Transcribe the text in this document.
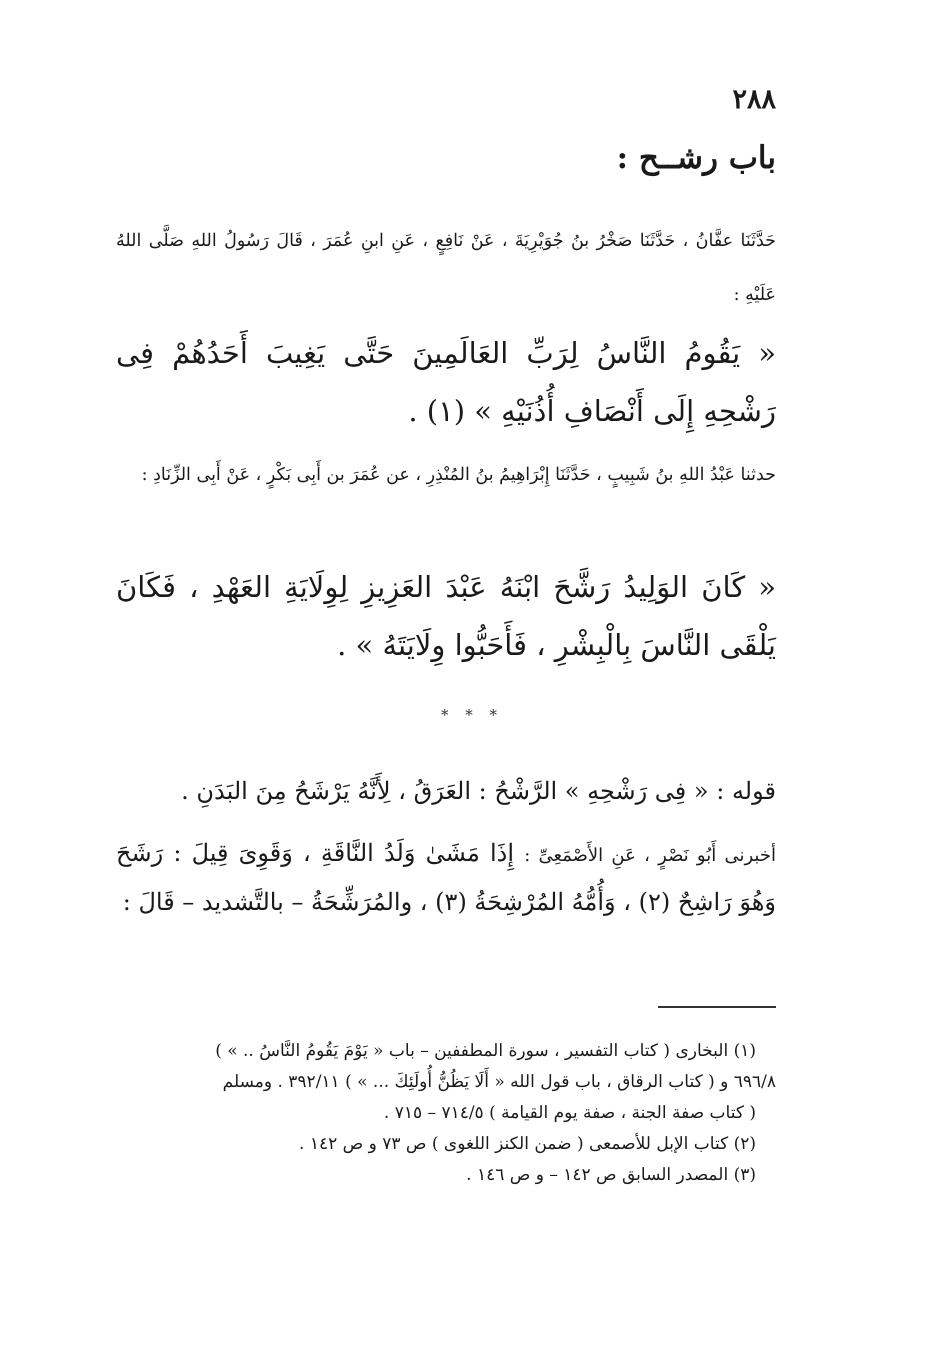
٢٨٨
باب رشــح :
حَدَّثَنَا عفَّانُ ، حَدَّثَنَا صَخْرُ بنُ جُوَيْرِيَةَ ، عَنْ نَافِعٍ ، عَنِ ابنِ عُمَرَ ، قَالَ رَسُولُ اللهِ صَلَّى اللهُ عَلَيْهِ :
« يَقُومُ النَّاسُ لِرَبِّ العَالَمِينَ حَتَّى يَغِيبَ أَحَدُهُمْ فِى رَشْحِهِ إِلَى أَنْصَافِ أُذُنَيْهِ » (١) .
حدثنا عَبْدُ اللهِ بنُ شَبِيبٍ ، حَدَّثَنَا إِبْرَاهِيمُ بنُ المُنْذِرِ ، عن عُمَرَ بن أَبِى بَكْرٍ ، عَنْ أَبِى الزِّنَادِ :
« كَانَ الوَلِيدُ رَشَّحَ ابْنَهُ عَبْدَ العَزِيزِ لِوِلَايَةِ العَهْدِ ، فَكَانَ يَلْقَى النَّاسَ بِالْبِشْرِ ، فَأَحَبُّوا وِلَايَتَهُ » .
* * *
قوله : « فِى رَشْحِهِ » الرَّشْحُ : العَرَقُ ، لِأَنَّهُ يَرْشَحُ مِنَ البَدَنِ .
أخبرنى أَبُو نَصْرٍ ، عَنِ الأَصْمَعِىِّ : إِذَا مَشَىٰ وَلَدُ النَّاقَةِ ، وَقَوِىَ قِيلَ : رَشَحَ وَهُوَ رَاشِحٌ (٢) ، وَأُمُّهُ المُرْشِحَةُ (٣) ، والمُرَشِّحَةُ – بالتَّشديد – قَالَ :
(١) البخارى ( كتاب التفسير ، سورة المطففين – باب « يَوْمَ يَقُومُ النَّاسُ .. » )
٦٩٦/٨ و ( كتاب الرقاق ، باب قول الله « أَلَا يَظُنُّ أُولَئِكَ ... » ) ٣٩٢/١١ . ومسلم
( كتاب صفة الجنة ، صفة يوم القيامة ) ٧١٤/٥ – ٧١٥ .
(٢) كتاب الإبل للأصمعى ( ضمن الكنز اللغوى ) ص ٧٣ و ص ١٤٢ .
(٣) المصدر السابق ص ١٤٢ – و ص ١٤٦ .
